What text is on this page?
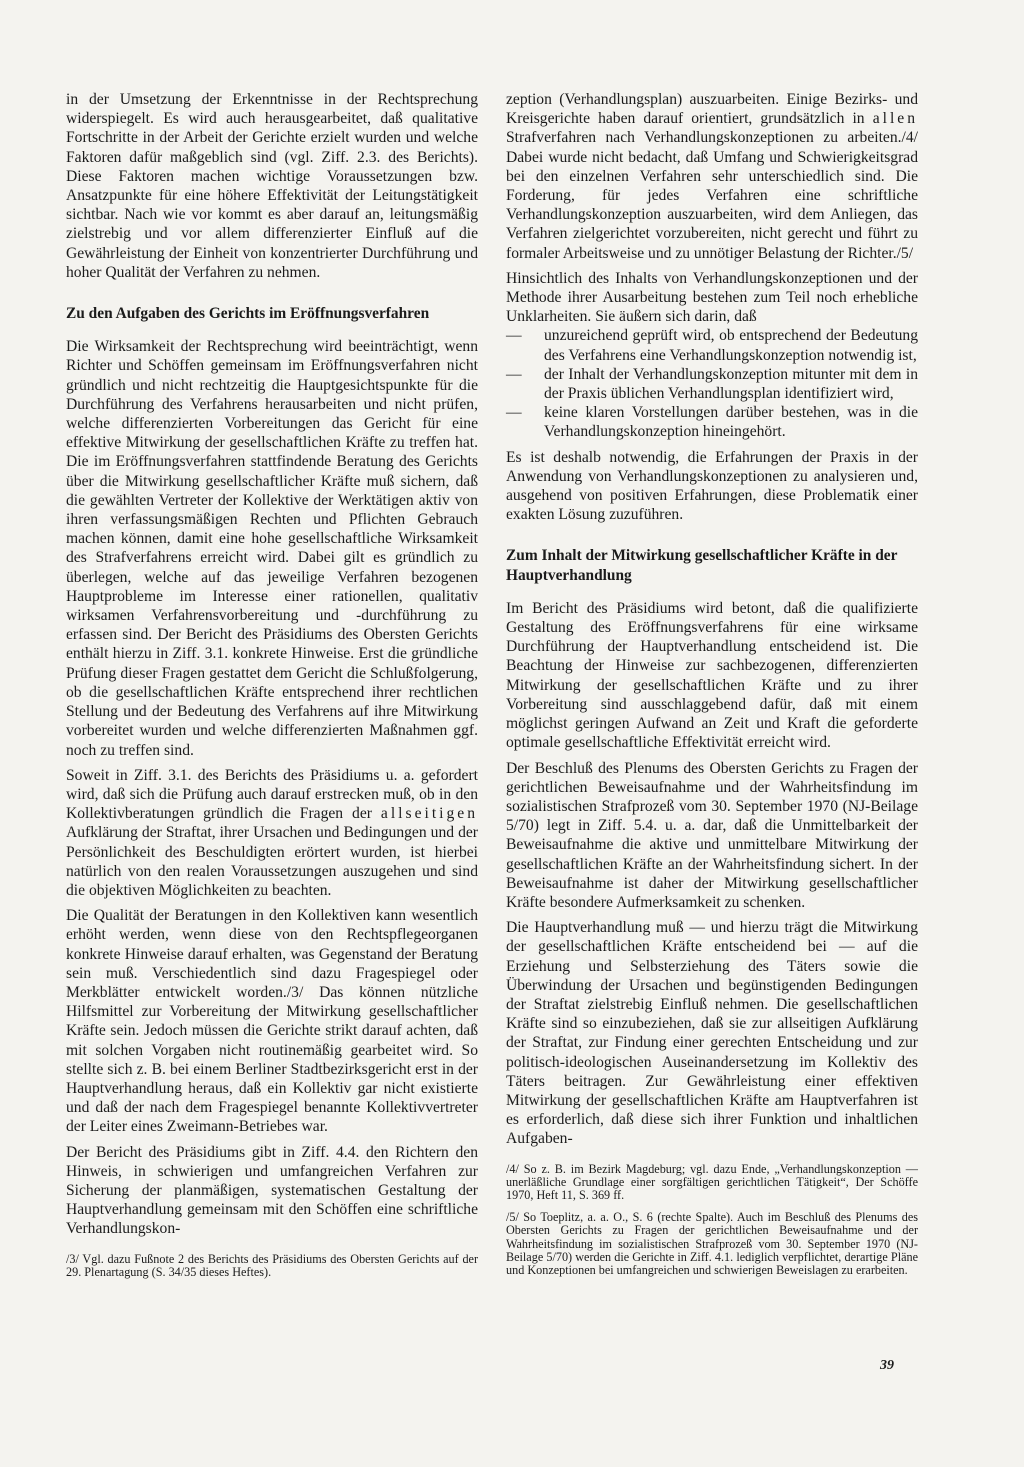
in der Umsetzung der Erkenntnisse in der Rechtsprechung widerspiegelt. Es wird auch herausgearbeitet, daß qualitative Fortschritte in der Arbeit der Gerichte erzielt wurden und welche Faktoren dafür maßgeblich sind (vgl. Ziff. 2.3. des Berichts). Diese Faktoren machen wichtige Voraussetzungen bzw. Ansatzpunkte für eine höhere Effektivität der Leitungstätigkeit sichtbar. Nach wie vor kommt es aber darauf an, leitungsmäßig zielstrebig und vor allem differenzierter Einfluß auf die Gewährleistung der Einheit von konzentrierter Durchführung und hoher Qualität der Verfahren zu nehmen.

Zu den Aufgaben des Gerichts im Eröffnungsverfahren

Die Wirksamkeit der Rechtsprechung wird beeinträchtigt, wenn Richter und Schöffen gemeinsam im Eröffnungsverfahren nicht gründlich und nicht rechtzeitig die Hauptgesichtspunkte für die Durchführung des Verfahrens herausarbeiten und nicht prüfen, welche differenzierten Vorbereitungen das Gericht für eine effektive Mitwirkung der gesellschaftlichen Kräfte zu treffen hat. Die im Eröffnungsverfahren stattfindende Beratung des Gerichts über die Mitwirkung gesellschaftlicher Kräfte muß sichern, daß die gewählten Vertreter der Kollektive der Werktätigen aktiv von ihren verfassungsmäßigen Rechten und Pflichten Gebrauch machen können, damit eine hohe gesellschaftliche Wirksamkeit des Strafverfahrens erreicht wird. Dabei gilt es gründlich zu überlegen, welche auf das jeweilige Verfahren bezogenen Hauptprobleme im Interesse einer rationellen, qualitativ wirksamen Verfahrensvorbereitung und -durchführung zu erfassen sind. Der Bericht des Präsidiums des Obersten Gerichts enthält hierzu in Ziff. 3.1. konkrete Hinweise. Erst die gründliche Prüfung dieser Fragen gestattet dem Gericht die Schlußfolgerung, ob die gesellschaftlichen Kräfte entsprechend ihrer rechtlichen Stellung und der Bedeutung des Verfahrens auf ihre Mitwirkung vorbereitet wurden und welche differenzierten Maßnahmen ggf. noch zu treffen sind.

Soweit in Ziff. 3.1. des Berichts des Präsidiums u. a. gefordert wird, daß sich die Prüfung auch darauf erstrecken muß, ob in den Kollektivberatungen gründlich die Fragen der allseitigen Aufklärung der Straftat, ihrer Ursachen und Bedingungen und der Persönlichkeit des Beschuldigten erörtert wurden, ist hierbei natürlich von den realen Voraussetzungen auszugehen und sind die objektiven Möglichkeiten zu beachten.

Die Qualität der Beratungen in den Kollektiven kann wesentlich erhöht werden, wenn diese von den Rechtspflegeorganen konkrete Hinweise darauf erhalten, was Gegenstand der Beratung sein muß. Verschiedentlich sind dazu Fragespiegel oder Merkblätter entwickelt worden./3/ Das können nützliche Hilfsmittel zur Vorbereitung der Mitwirkung gesellschaftlicher Kräfte sein. Jedoch müssen die Gerichte strikt darauf achten, daß mit solchen Vorgaben nicht routinemäßig gearbeitet wird. So stellte sich z. B. bei einem Berliner Stadtbezirksgericht erst in der Hauptverhandlung heraus, daß ein Kollektiv gar nicht existierte und daß der nach dem Fragespiegel benannte Kollektivvertreter der Leiter eines Zweimann-Betriebes war.

Der Bericht des Präsidiums gibt in Ziff. 4.4. den Richtern den Hinweis, in schwierigen und umfangreichen Verfahren zur Sicherung der planmäßigen, systematischen Gestaltung der Hauptverhandlung gemeinsam mit den Schöffen eine schriftliche Verhandlungskon-

/3/ Vgl. dazu Fußnote 2 des Berichts des Präsidiums des Obersten Gerichts auf der 29. Plenartagung (S. 34/35 dieses Heftes).

zeption (Verhandlungsplan) auszuarbeiten. Einige Bezirks- und Kreisgerichte haben darauf orientiert, grundsätzlich in allen Strafverfahren nach Verhandlungskonzeptionen zu arbeiten./4/ Dabei wurde nicht bedacht, daß Umfang und Schwierigkeitsgrad bei den einzelnen Verfahren sehr unterschiedlich sind. Die Forderung, für jedes Verfahren eine schriftliche Verhandlungskonzeption auszuarbeiten, wird dem Anliegen, das Verfahren zielgerichtet vorzubereiten, nicht gerecht und führt zu formaler Arbeitsweise und zu unnötiger Belastung der Richter./5/

Hinsichtlich des Inhalts von Verhandlungskonzeptionen und der Methode ihrer Ausarbeitung bestehen zum Teil noch erhebliche Unklarheiten. Sie äußern sich darin, daß

— unzureichend geprüft wird, ob entsprechend der Bedeutung des Verfahrens eine Verhandlungskonzeption notwendig ist,
— der Inhalt der Verhandlungskonzeption mitunter mit dem in der Praxis üblichen Verhandlungsplan identifiziert wird,
— keine klaren Vorstellungen darüber bestehen, was in die Verhandlungskonzeption hineingehört.

Es ist deshalb notwendig, die Erfahrungen der Praxis in der Anwendung von Verhandlungskonzeptionen zu analysieren und, ausgehend von positiven Erfahrungen, diese Problematik einer exakten Lösung zuzuführen.

Zum Inhalt der Mitwirkung gesellschaftlicher Kräfte in der Hauptverhandlung

Im Bericht des Präsidiums wird betont, daß die qualifizierte Gestaltung des Eröffnungsverfahrens für eine wirksame Durchführung der Hauptverhandlung entscheidend ist. Die Beachtung der Hinweise zur sachbezogenen, differenzierten Mitwirkung der gesellschaftlichen Kräfte und zu ihrer Vorbereitung sind ausschlaggebend dafür, daß mit einem möglichst geringen Aufwand an Zeit und Kraft die geforderte optimale gesellschaftliche Effektivität erreicht wird.

Der Beschluß des Plenums des Obersten Gerichts zu Fragen der gerichtlichen Beweisaufnahme und der Wahrheitsfindung im sozialistischen Strafprozeß vom 30. September 1970 (NJ-Beilage 5/70) legt in Ziff. 5.4. u. a. dar, daß die Unmittelbarkeit der Beweisaufnahme die aktive und unmittelbare Mitwirkung der gesellschaftlichen Kräfte an der Wahrheitsfindung sichert. In der Beweisaufnahme ist daher der Mitwirkung gesellschaftlicher Kräfte besondere Aufmerksamkeit zu schenken.

Die Hauptverhandlung muß — und hierzu trägt die Mitwirkung der gesellschaftlichen Kräfte entscheidend bei — auf die Erziehung und Selbsterziehung des Täters sowie die Überwindung der Ursachen und begünstigenden Bedingungen der Straftat zielstrebig Einfluß nehmen. Die gesellschaftlichen Kräfte sind so einzubeziehen, daß sie zur allseitigen Aufklärung der Straftat, zur Findung einer gerechten Entscheidung und zur politisch-ideologischen Auseinandersetzung im Kollektiv des Täters beitragen. Zur Gewährleistung einer effektiven Mitwirkung der gesellschaftlichen Kräfte am Hauptverfahren ist es erforderlich, daß diese sich ihrer Funktion und inhaltlichen Aufgaben-

/4/ So z. B. im Bezirk Magdeburg; vgl. dazu Ende, „Verhandlungskonzeption — unerläßliche Grundlage einer sorgfältigen gerichtlichen Tätigkeit“, Der Schöffe 1970, Heft 11, S. 369 ff.

/5/ So Toeplitz, a. a. O., S. 6 (rechte Spalte). Auch im Beschluß des Plenums des Obersten Gerichts zu Fragen der gerichtlichen Beweisaufnahme und der Wahrheitsfindung im sozialistischen Strafprozeß vom 30. September 1970 (NJ-Beilage 5/70) werden die Gerichte in Ziff. 4.1. lediglich verpflichtet, derartige Pläne und Konzeptionen bei umfangreichen und schwierigen Beweislagen zu erarbeiten.

39
